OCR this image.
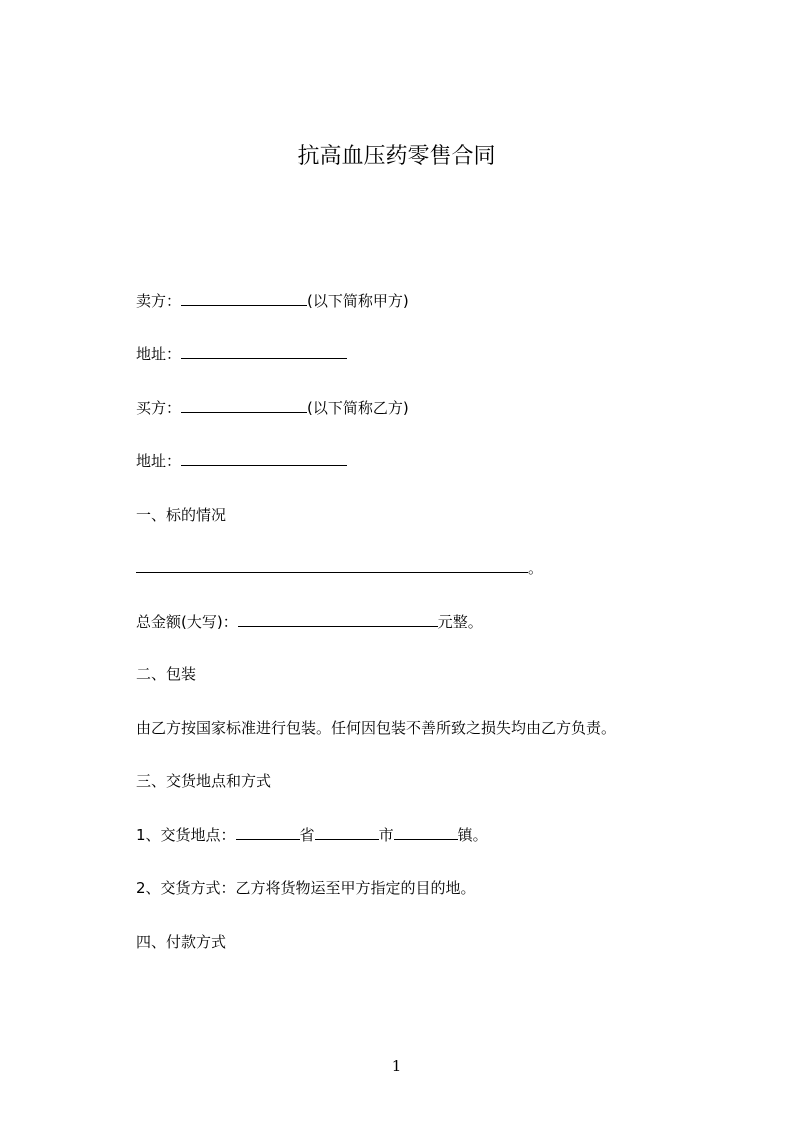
抗高血压药零售合同
卖方：	(以下简称甲方)
地址：
买方：	(以下简称乙方)
地址：
一、标的情况
。
总金额(大写)：	元整。
二、包装
由乙方按国家标准进行包装。任何因包装不善所致之损失均由乙方负责。
三、交货地点和方式
1、交货地点：	省	市	镇。
2、交货方式：乙方将货物运至甲方指定的目的地。
四、付款方式
1
